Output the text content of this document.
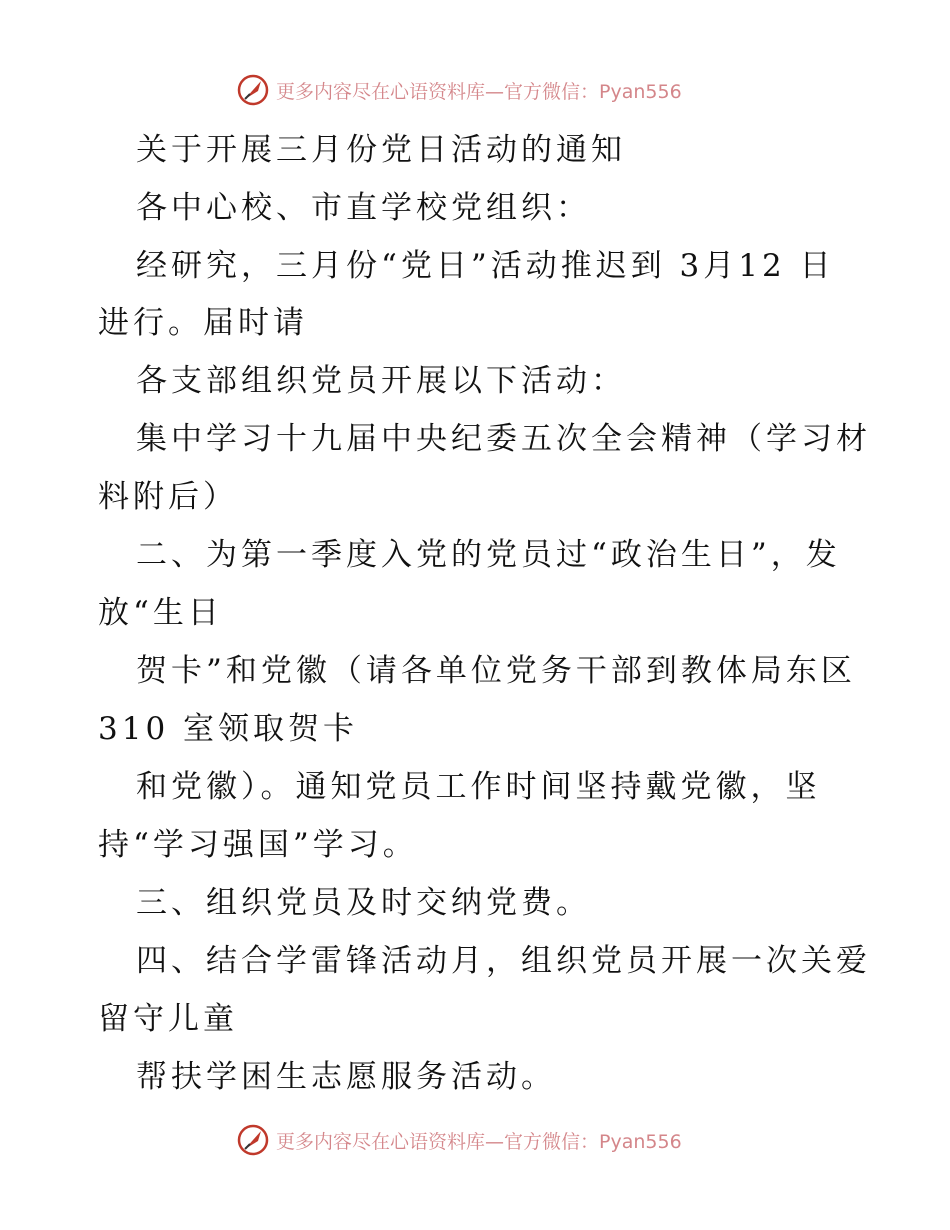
更多内容尽在心语资料库—官方微信：Pyan556
关于开展三月份党日活动的通知
各中心校、市直学校党组织：
经研究，三月份“党日”活动推迟到 3月12 日
进行。届时请
各支部组织党员开展以下活动：
集中学习十九届中央纪委五次全会精神（学习材
料附后）
二、为第一季度入党的党员过“政治生日”，发
放“生日
贺卡”和党徽（请各单位党务干部到教体局东区
310 室领取贺卡
和党徽）。通知党员工作时间坚持戴党徽，坚
持“学习强国”学习。
三、组织党员及时交纳党费。
四、结合学雷锋活动月，组织党员开展一次关爱
留守儿童
帮扶学困生志愿服务活动。
更多内容尽在心语资料库—官方微信：Pyan556
